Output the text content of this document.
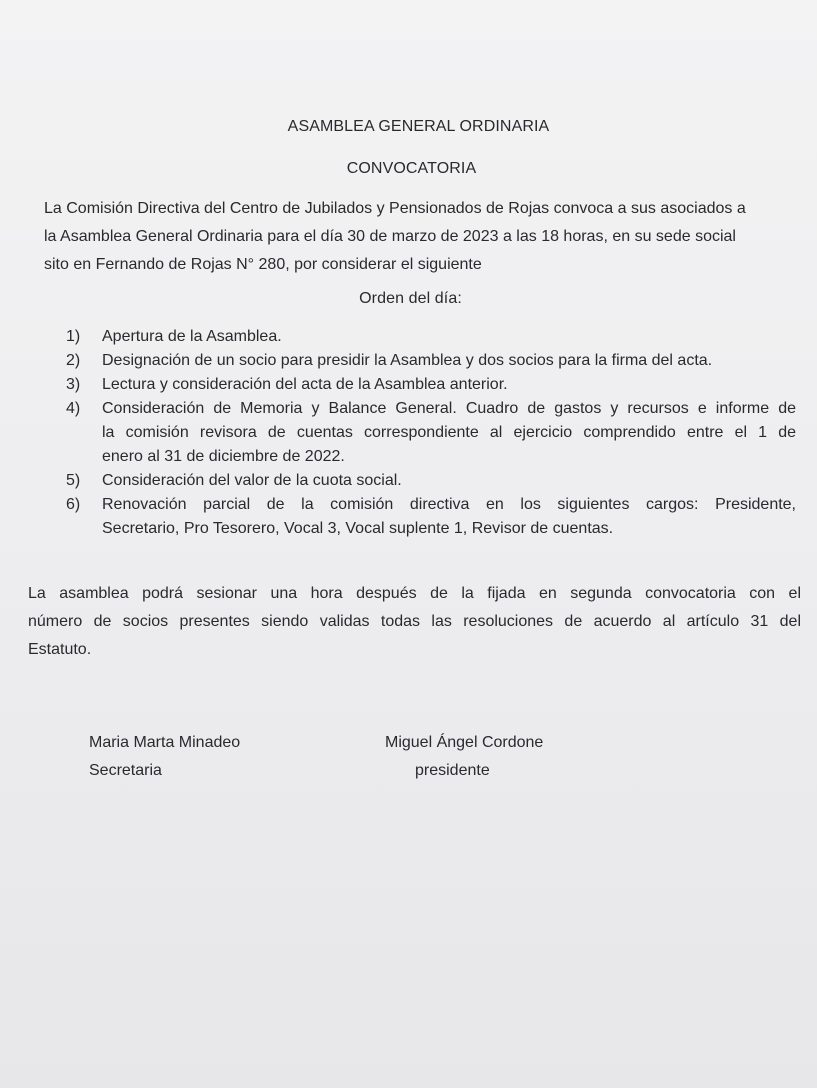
ASAMBLEA GENERAL ORDINARIA
CONVOCATORIA
La Comisión Directiva del Centro de Jubilados y Pensionados de Rojas convoca a sus asociados a
la Asamblea General Ordinaria para el día 30 de marzo de 2023 a las 18 horas, en su sede social
sito en Fernando de Rojas N° 280, por considerar el siguiente
Orden del día:
1)	Apertura de la Asamblea.
2)	Designación de un socio para presidir la Asamblea y dos socios para la firma del acta.
3)	Lectura y consideración del acta de la Asamblea anterior.
4)	Consideración de Memoria y Balance General. Cuadro de gastos y recursos e informe de
la comisión revisora de cuentas correspondiente al ejercicio comprendido entre el 1 de
enero al 31 de diciembre de 2022.
5)	Consideración del valor de la cuota social.
6)	Renovación parcial de la comisión directiva en los siguientes cargos: Presidente,
Secretario, Pro Tesorero, Vocal 3, Vocal suplente 1, Revisor de cuentas.
La asamblea podrá sesionar una hora después de la fijada en segunda convocatoria con el
número de socios presentes siendo validas todas las resoluciones de acuerdo al artículo 31 del
Estatuto.
Maria Marta Minadeo
Secretaria
Miguel Ángel Cordone
presidente
